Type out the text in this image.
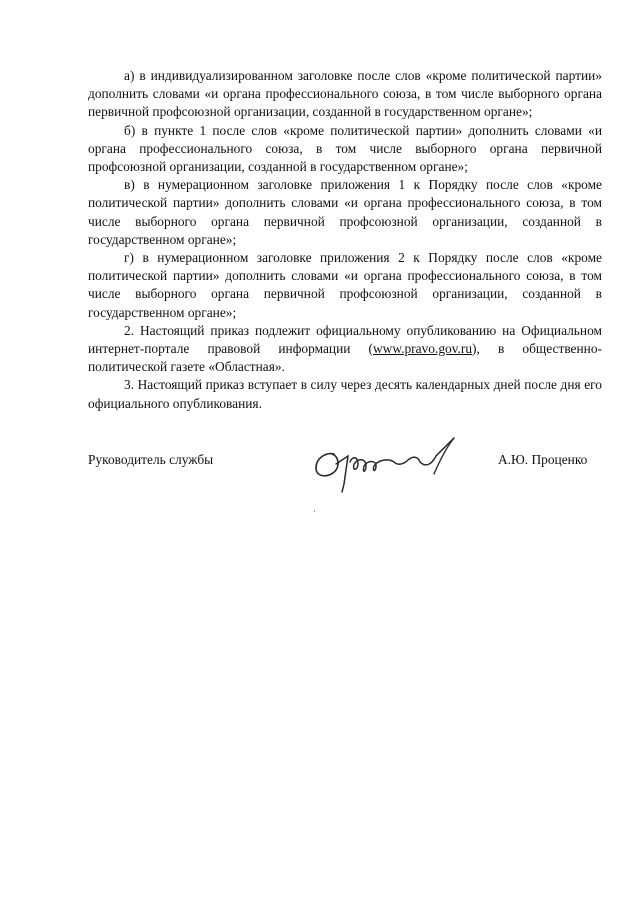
а) в индивидуализированном заголовке после слов «кроме политической партии» дополнить словами «и органа профессионального союза, в том числе выборного органа первичной профсоюзной организации, созданной в государственном органе»;

б) в пункте 1 после слов «кроме политической партии» дополнить словами «и органа профессионального союза, в том числе выборного органа первичной профсоюзной организации, созданной в государственном органе»;

в) в нумерационном заголовке приложения 1 к Порядку после слов «кроме политической партии» дополнить словами «и органа профессионального союза, в том числе выборного органа первичной профсоюзной организации, созданной в государственном органе»;

г) в нумерационном заголовке приложения 2 к Порядку после слов «кроме политической партии» дополнить словами «и органа профессионального союза, в том числе выборного органа первичной профсоюзной организации, созданной в государственном органе»;

2. Настоящий приказ подлежит официальному опубликованию на Официальном интернет-портале правовой информации (www.pravo.gov.ru), в общественно-политической газете «Областная».

3. Настоящий приказ вступает в силу через десять календарных дней после дня его официального опубликования.

Руководитель службы	А.Ю. Проценко
